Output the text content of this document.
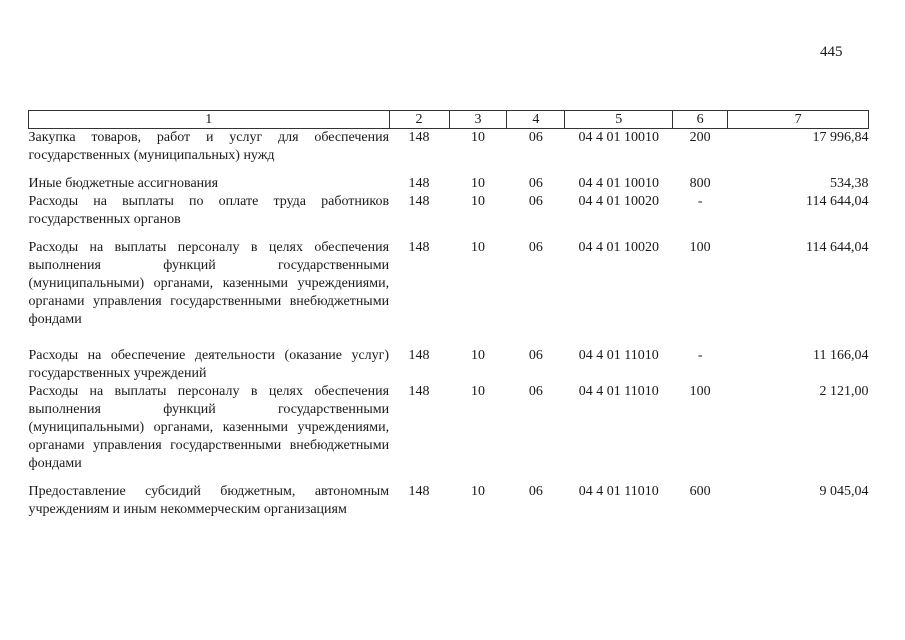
445
1	2	3	4	5	6	7
Закупка товаров, работ и услуг для обеспечения государственных (муниципальных) нужд	148	10	06	04 4 01 10010	200	17 996,84
Иные бюджетные ассигнования	148	10	06	04 4 01 10010	800	534,38
Расходы на выплаты по оплате труда работников государственных органов	148	10	06	04 4 01 10020	-	114 644,04
Расходы на выплаты персоналу в целях обеспечения выполнения функций государственными (муниципальными) органами, казенными учреждениями, органами управления государственными внебюджетными фондами	148	10	06	04 4 01 10020	100	114 644,04
Расходы на обеспечение деятельности (оказание услуг) государственных учреждений	148	10	06	04 4 01 11010	-	11 166,04
Расходы на выплаты персоналу в целях обеспечения выполнения функций государственными (муниципальными) органами, казенными учреждениями, органами управления государственными внебюджетными фондами	148	10	06	04 4 01 11010	100	2 121,00
Предоставление субсидий бюджетным, автономным учреждениям и иным некоммерческим организациям	148	10	06	04 4 01 11010	600	9 045,04
